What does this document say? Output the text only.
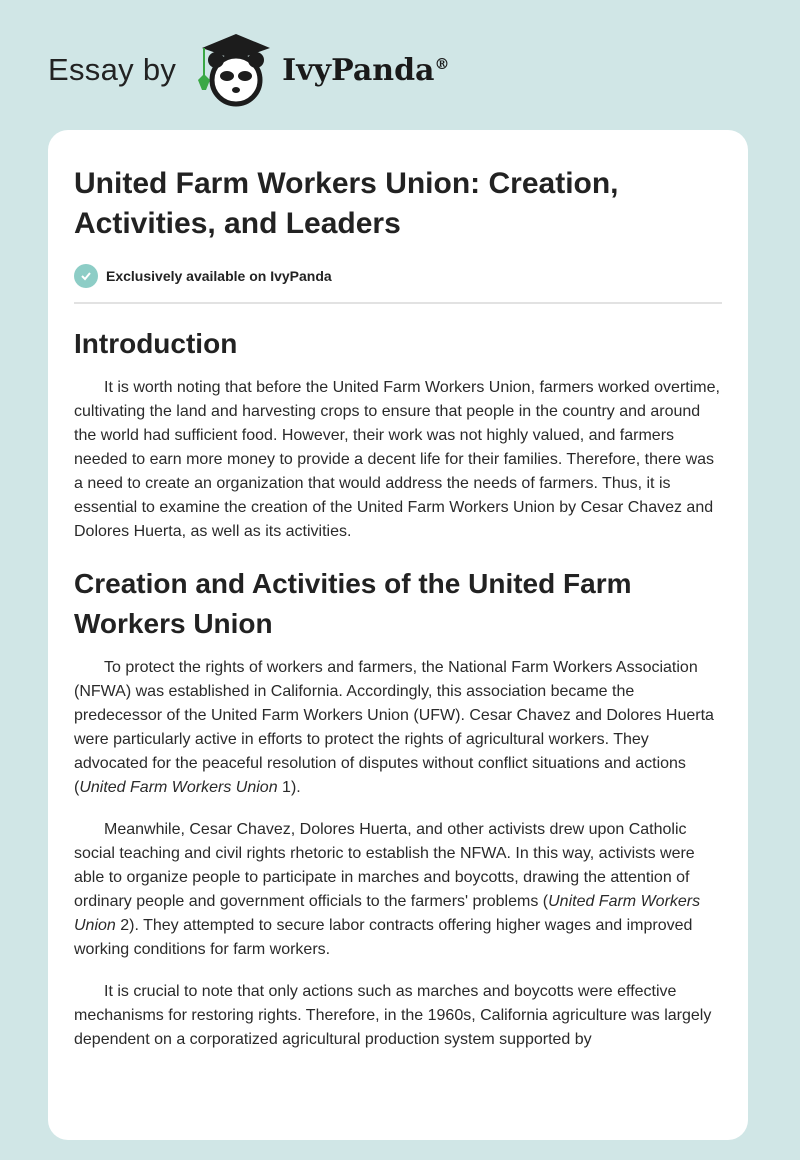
Essay by	IvyPanda®
United Farm Workers Union: Creation, Activities, and Leaders
Exclusively available on IvyPanda
Introduction

It is worth noting that before the United Farm Workers Union, farmers worked overtime, cultivating the land and harvesting crops to ensure that people in the country and around the world had sufficient food. However, their work was not highly valued, and farmers needed to earn more money to provide a decent life for their families. Therefore, there was a need to create an organization that would address the needs of farmers. Thus, it is essential to examine the creation of the United Farm Workers Union by Cesar Chavez and Dolores Huerta, as well as its activities.

Creation and Activities of the United Farm Workers Union

To protect the rights of workers and farmers, the National Farm Workers Association (NFWA) was established in California. Accordingly, this association became the predecessor of the United Farm Workers Union (UFW). Cesar Chavez and Dolores Huerta were particularly active in efforts to protect the rights of agricultural workers. They advocated for the peaceful resolution of disputes without conflict situations and actions (United Farm Workers Union 1).

Meanwhile, Cesar Chavez, Dolores Huerta, and other activists drew upon Catholic social teaching and civil rights rhetoric to establish the NFWA. In this way, activists were able to organize people to participate in marches and boycotts, drawing the attention of ordinary people and government officials to the farmers' problems (United Farm Workers Union 2). They attempted to secure labor contracts offering higher wages and improved working conditions for farm workers.

It is crucial to note that only actions such as marches and boycotts were effective mechanisms for restoring rights. Therefore, in the 1960s, California agriculture was largely dependent on a corporatized agricultural production system supported by
